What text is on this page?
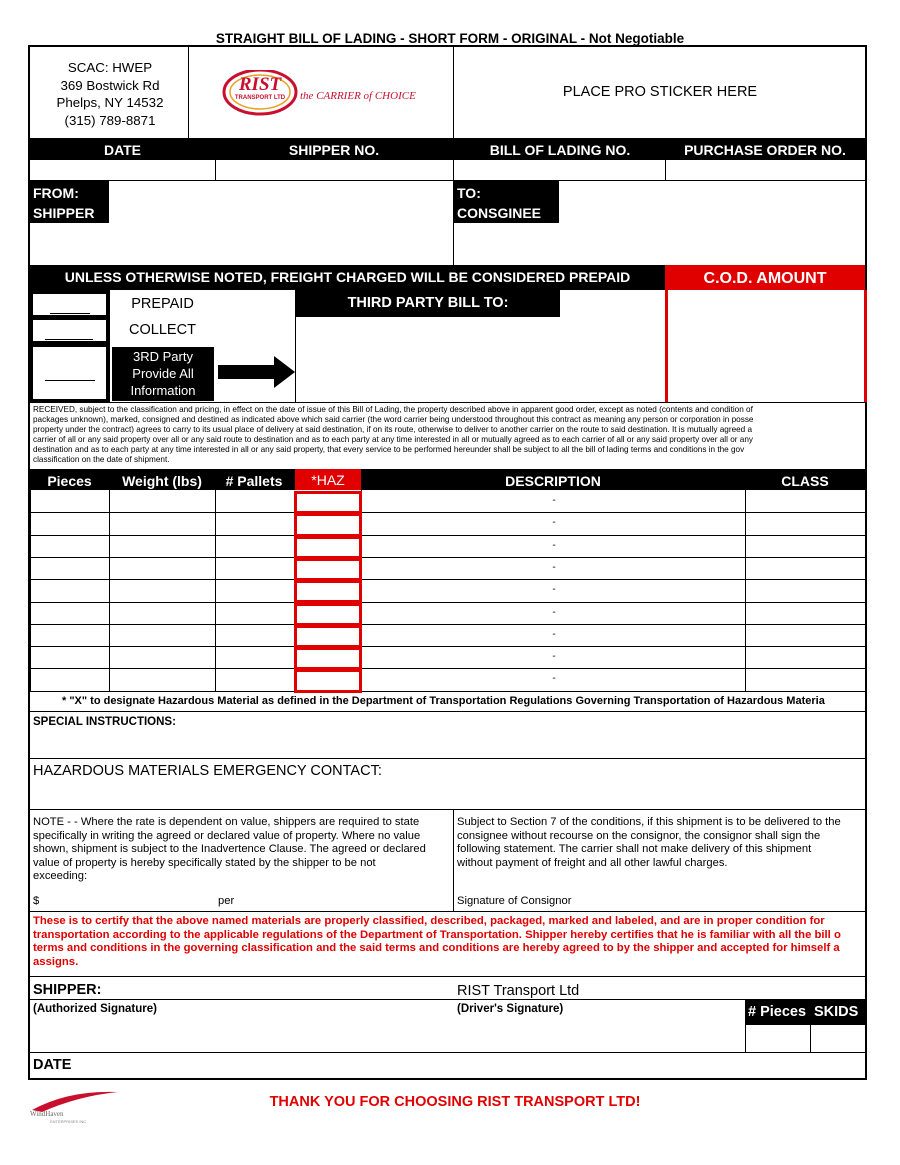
STRAIGHT BILL OF LADING - SHORT FORM - ORIGINAL - Not Negotiable
SCAC: HWEP
369 Bostwick Rd
Phelps, NY 14532
(315) 789-8871
RIST
TRANSPORT LTD the CARRIER of CHOICE	PLACE PRO STICKER HERE
DATE	SHIPPER NO.	BILL OF LADING NO.	PURCHASE ORDER NO.
FROM:
SHIPPER
TO:
CONSGINEE
UNLESS OTHERWISE NOTED, FREIGHT CHARGED WILL BE CONSIDERED PREPAID	C.O.D. AMOUNT
PREPAID
COLLECT
3RD Party
Provide All
Information
THIRD PARTY BILL TO:
RECEIVED, subject to the classification and pricing, in effect on the date of issue of this Bill of Lading, the property described above in apparent good order, except as noted (contents and condition of
packages unknown), marked, consigned and destined as indicated above which said carrier (the word carrier being understood throughout this contract as meaning any person or corporation in posse
property under the contract) agrees to carry to its usual place of delivery at said destination, if on its route, otherwise to deliver to another carrier on the route to said destination. It is mutually agreed a
carrier of all or any said property over all or any said route to destination and as to each party at any time interested in all or mutually agreed as to each carrier of all or any said property over all or any
destination and as to each party at any time interested in all or any said property, that every service to be performed hereunder shall be subject to all the bill of lading terms and conditions in the gov
classification on the date of shipment.
Pieces	Weight (lbs)	# Pallets	*HAZ	DESCRIPTION	CLASS
-
-
-
-
-
-
-
-
-
* "X" to designate Hazardous Material as defined in the Department of Transportation Regulations Governing Transportation of Hazardous Materia
SPECIAL INSTRUCTIONS:
HAZARDOUS MATERIALS EMERGENCY CONTACT:
NOTE - - Where the rate is dependent on value, shippers are required to state
specifically in writing the agreed or declared value of property. Where no value
shown, shipment is subject to the Inadvertence Clause. The agreed or declared
value of property is hereby specifically stated by the shipper to be not
exceeding:
$	per
Subject to Section 7 of the conditions, if this shipment is to be delivered to the
consignee without recourse on the consignor, the consignor shall sign the
following statement. The carrier shall not make delivery of this shipment
without payment of freight and all other lawful charges.
Signature of Consignor
These is to certify that the above named materials are properly classified, described, packaged, marked and labeled, and are in proper condition for
transportation according to the applicable regulations of the Department of Transportation. Shipper hereby certifies that he is familiar with all the bill o
terms and conditions in the governing classification and the said terms and conditions are hereby agreed to by the shipper and accepted for himself a
assigns.
SHIPPER:	RIST Transport Ltd
(Authorized Signature)	(Driver's Signature)	# Pieces SKIDS
DATE
WindHaven
ENTERPRISES INC
THANK YOU FOR CHOOSING RIST TRANSPORT LTD!
